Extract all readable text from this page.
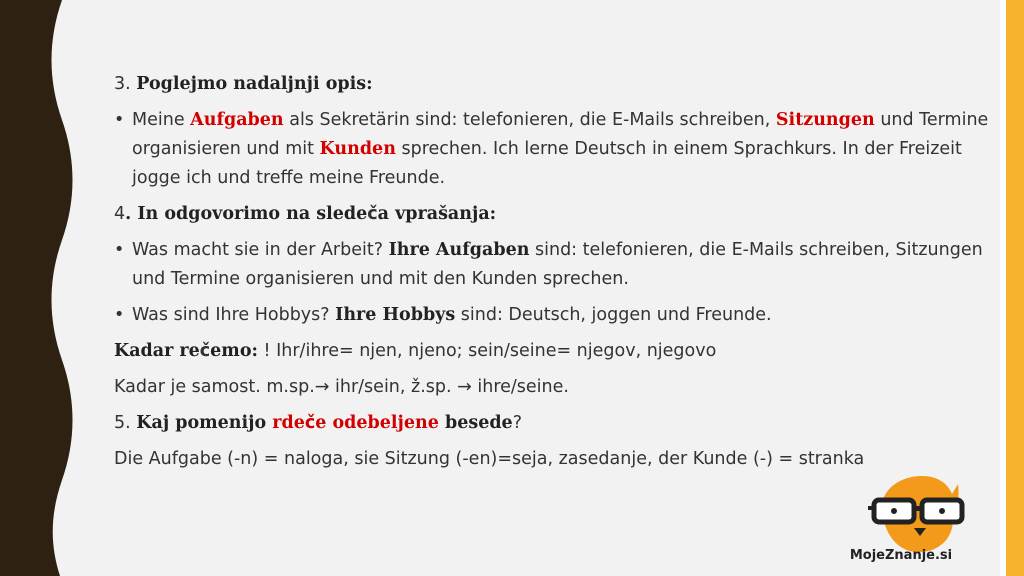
3. Poglejmo nadaljnji opis:
• Meine Aufgaben als Sekretärin sind: telefonieren, die E-Mails schreiben, Sitzungen und Termine organisieren und mit Kunden sprechen. Ich lerne Deutsch in einem Sprachkurs. In der Freizeit jogge ich und treffe meine Freunde.
4. In odgovorimo na sledeča vprašanja:
• Was macht sie in der Arbeit? Ihre Aufgaben sind: telefonieren, die E-Mails schreiben, Sitzungen und Termine organisieren und mit den Kunden sprechen.
• Was sind Ihre Hobbys? Ihre Hobbys sind: Deutsch, joggen und Freunde.
Kadar rečemo: ! Ihr/ihre= njen, njeno; sein/seine= njegov, njegovo
Kadar je samost. m.sp.→ ihr/sein, ž.sp. → ihre/seine.
5. Kaj pomenijo rdeče odebeljene besede?
Die Aufgabe (-n) = naloga, sie Sitzung (-en)=seja, zasedanje, der Kunde (-) = stranka
MojeZnanje.si
